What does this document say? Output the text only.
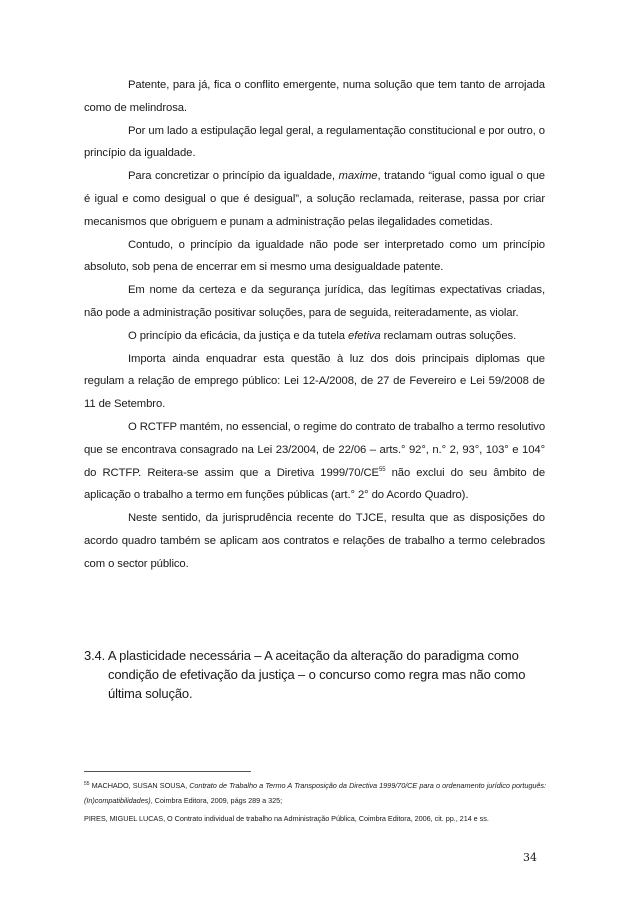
Patente, para já, fica o conflito emergente, numa solução que tem tanto de arrojada como de melindrosa.

Por um lado a estipulação legal geral, a regulamentação constitucional e por outro, o princípio da igualdade.

Para concretizar o princípio da igualdade, maxime, tratando “igual como igual o que é igual e como desigual o que é desigual”, a solução reclamada, reiterase, passa por criar mecanismos que obriguem e punam a administração pelas ilegalidades cometidas.

Contudo, o princípio da igualdade não pode ser interpretado como um princípio absoluto, sob pena de encerrar em si mesmo uma desigualdade patente.

Em nome da certeza e da segurança jurídica, das legítimas expectativas criadas, não pode a administração positivar soluções, para de seguida, reiteradamente, as violar.

O princípio da eficácia, da justiça e da tutela efetiva reclamam outras soluções.

Importa ainda enquadrar esta questão à luz dos dois principais diplomas que regulam a relação de emprego público: Lei 12-A/2008, de 27 de Fevereiro e Lei 59/2008 de 11 de Setembro.

O RCTFP mantém, no essencial, o regime do contrato de trabalho a termo resolutivo que se encontrava consagrado na Lei 23/2004, de 22/06 – arts.° 92°, n.° 2, 93°, 103° e 104° do RCTFP. Reitera-se assim que a Diretiva 1999/70/CE$^{55}$ não exclui do seu âmbito de aplicação o trabalho a termo em funções públicas (art.° 2° do Acordo Quadro).

Neste sentido, da jurisprudência recente do TJCE, resulta que as disposições do acordo quadro também se aplicam aos contratos e relações de trabalho a termo celebrados com o sector público.

3.4. A plasticidade necessária – A aceitação da alteração do paradigma como condição de efetivação da justiça – o concurso como regra mas não como última solução.

$^{55}$ MACHADO, SUSAN SOUSA, Contrato de Trabalho a Termo A Transposição da Directiva 1999/70/CE para o ordenamento jurídico português: (In)compatibilidades), Coimbra Editora, 2009, págs 289 a 325;

PIRES, MIGUEL LUCAS, O Contrato individual de trabalho na Administração Pública, Coimbra Editora, 2006, cit. pp., 214 e ss.

34
